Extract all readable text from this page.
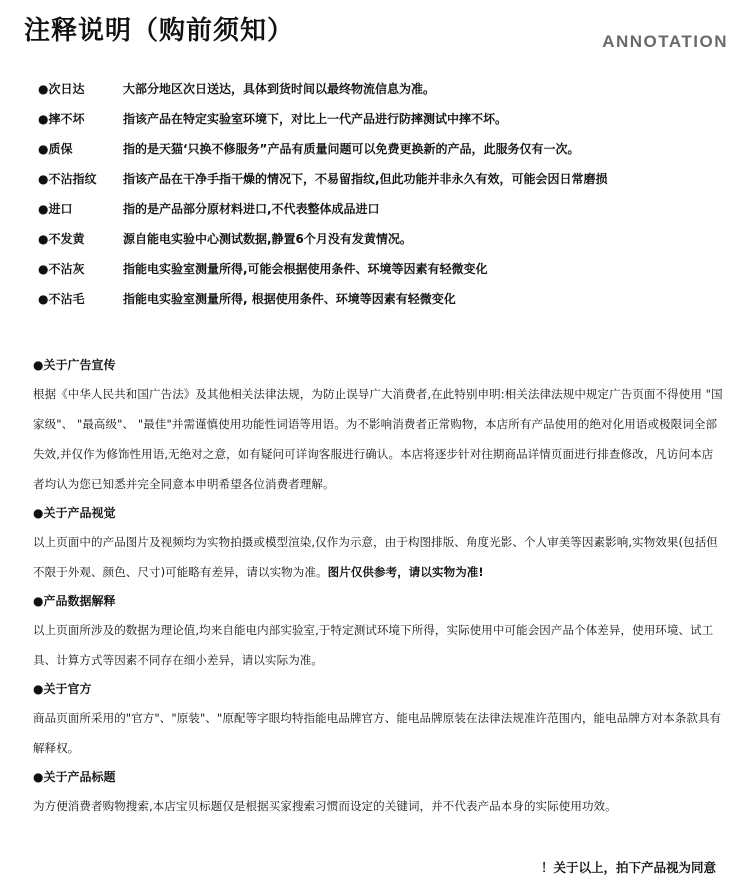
注释说明（购前须知）	ANNOTATION
●次日达	大部分地区次日送达，具体到货时间以最终物流信息为准。
●摔不坏	指该产品在特定实验室环境下，对比上一代产品进行防摔测试中摔不坏。
●质保	指的是天猫‘只换不修服务”产品有质量问题可以免费更换新的产品，此服务仅有一次。
●不沾指纹	指该产品在干净手指干燥的情况下，不易留指纹,但此功能并非永久有效，可能会因日常磨损
●进口	指的是产品部分原材料进口,不代表整体成品进口
●不发黄	源自能电实验中心测试数据,静置6个月没有发黄情况。
●不沾灰	指能电实验室测量所得,可能会根据使用条件、环境等因素有轻微变化
●不沾毛	指能电实验室测量所得, 根据使用条件、环境等因素有轻微变化
●关于广告宣传

根据《中华人民共和国广告法》及其他相关法律法规，为防止误导广大消费者,在此特别申明:相关法律法规中规定广告页面不得使用 "国家级"、 "最高级"、 "最佳"并需谨慎使用功能性词语等用语。为不影响消费者正常购物，本店所有产品使用的绝对化用语或极限词全部失效,并仅作为修饰性用语,无绝对之意，如有疑问可详询客服进行确认。本店将逐步针对往期商品详情页面进行排查修改，凡访问本店者均认为您已知悉并完全同意本申明希望各位消费者理解。

●关于产品视觉

以上页面中的产品图片及视频均为实物拍摄或模型渲染,仅作为示意，由于构图排版、角度光影、个人审美等因素影响,实物效果(包括但不限于外观、颜色、尺寸)可能略有差异，请以实物为准。图片仅供参考，请以实物为准!

●产品数据解释

以上页面所涉及的数据为理论值,均来自能电内部实验室,于特定测试环境下所得，实际使用中可能会因产品个体差异，使用环境、试工具、计算方式等因素不同存在细小差异，请以实际为准。

●关于官方

商品页面所采用的"官方"、"原装"、"原配等字眼均特指能电品牌官方、能电品牌原装在法律法规准许范围内，能电品牌方对本条款具有解释权。

●关于产品标题

为方便消费者购物搜索,本店宝贝标题仅是根据买家搜索习惯而设定的关键词，并不代表产品本身的实际使用功效。

！关于以上，拍下产品视为同意
